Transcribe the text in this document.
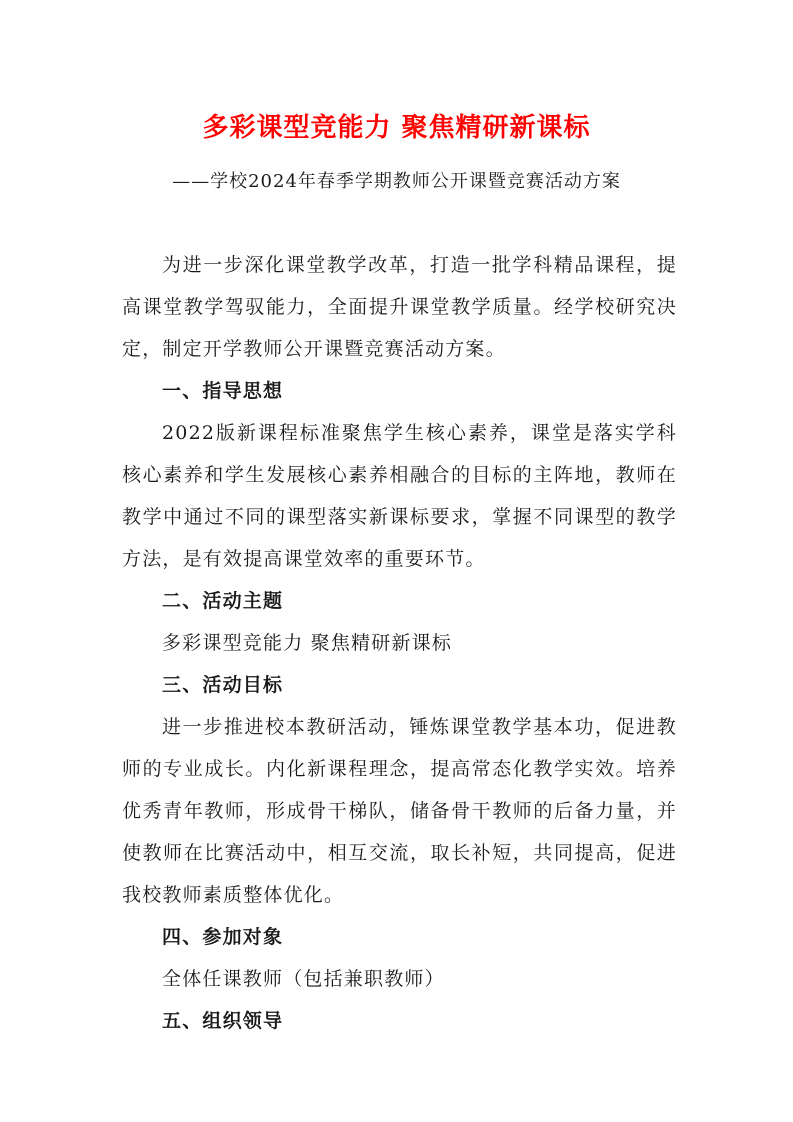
多彩课型竞能力 聚焦精研新课标

——学校2024年春季学期教师公开课暨竞赛活动方案

为进一步深化课堂教学改革，打造一批学科精品课程，提高课堂教学驾驭能力，全面提升课堂教学质量。经学校研究决定，制定开学教师公开课暨竞赛活动方案。

一、指导思想

2022版新课程标准聚焦学生核心素养，课堂是落实学科核心素养和学生发展核心素养相融合的目标的主阵地，教师在教学中通过不同的课型落实新课标要求，掌握不同课型的教学方法，是有效提高课堂效率的重要环节。

二、活动主题

多彩课型竞能力 聚焦精研新课标

三、活动目标

进一步推进校本教研活动，锤炼课堂教学基本功，促进教师的专业成长。内化新课程理念，提高常态化教学实效。培养优秀青年教师，形成骨干梯队，储备骨干教师的后备力量，并使教师在比赛活动中，相互交流，取长补短，共同提高，促进我校教师素质整体优化。

四、参加对象

全体任课教师（包括兼职教师）

五、组织领导
